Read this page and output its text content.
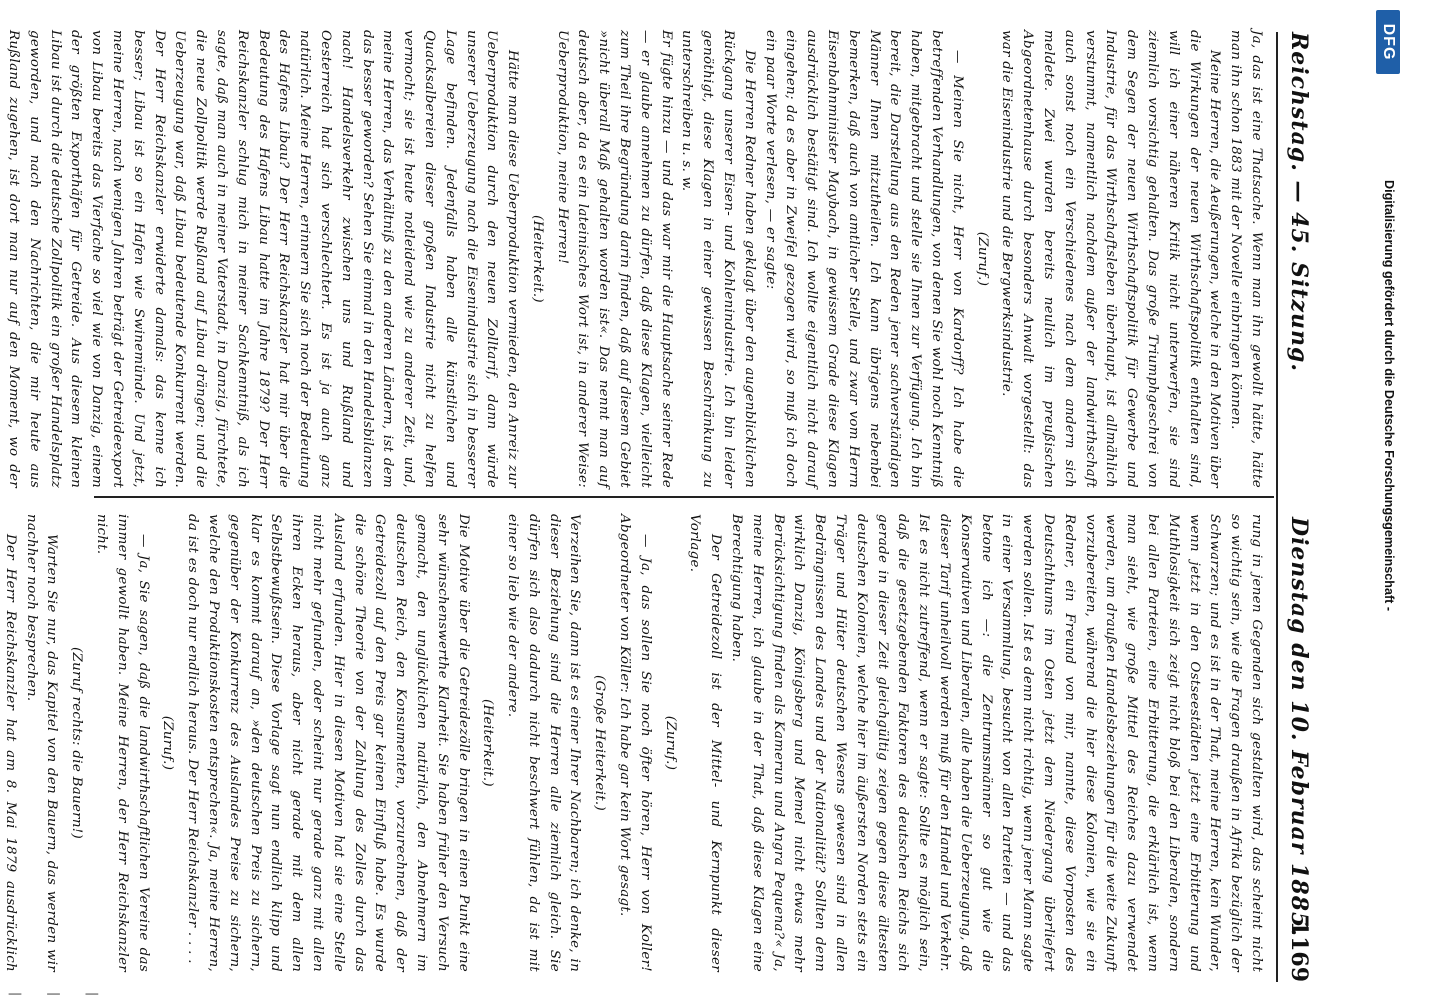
Reichstag. — 45. Sitzung.
Dienstag den 10. Februar 1885.
1169

Ja, das ist eine Thatsache. Wenn man ihn gewollt hätte, hätte man ihn schon 1883 mit der Novelle einbringen können.

Meine Herren, die Aeußerungen, welche in den Motiven über die Wirkungen der neuen Wirthschaftspolitik enthalten sind, will ich einer näheren Kritik nicht unterwerfen, sie sind ziemlich vorsichtig gehalten. Das große Triumphgeschrei von dem Segen der neuen Wirthschaftspolitik für Gewerbe und Industrie, für das Wirthschaftsleben überhaupt, ist allmählich verstummt, namentlich nachdem außer der landwirthschaft auch sonst noch ein Verschiedenes nach dem andern sich meldete. Zwei wurden bereits neulich im preußischen Abgeordnetenhause durch besonders Anwalt vorgestellt: das war die Eisenindustrie und die Bergwerksindustrie.

(Zuruf.)

— Meinen Sie nicht, Herr von Kardorff? Ich habe die betreffenden Verhandlungen, von denen Sie wohl noch Kenntniß haben, mitgebracht und stelle sie Ihnen zur Verfügung. Ich bin bereit, die Darstellung aus den Reden jener sachverständigen Männer Ihnen mitzutheilen. Ich kann übrigens nebenbei bemerken, daß auch von amtlicher Stelle, und zwar vom Herrn Eisenbahnminister Maybach, in gewissem Grade diese Klagen ausdrücklich bestätigt sind. Ich wollte eigentlich nicht darauf eingehen; da es aber in Zweifel gezogen wird, so muß ich doch ein paar Worte verlesen, — er sagte:

Die Herren Redner haben geklagt über den augenblicklichen Rückgang unserer Eisen- und Kohlenindustrie. Ich bin leider genöthigt, diese Klagen in einer gewissen Beschränkung zu unterschreiben u. s. w.

Er fügte hinzu — und das war mir die Hauptsache seiner Rede — er glaube annehmen zu dürfen, daß diese Klagen, vielleicht zum Theil ihre Begründung darin finden, daß auf diesem Gebiet »nicht überall Maß gehalten worden ist«. Das nennt man auf deutsch aber, da es ein lateinisches Wort ist, in anderer Weise: Ueberproduktion, meine Herren!

(Heiterkeit.)

Hätte man diese Ueberproduktion vermieden, den Anreiz zur Ueberproduktion durch den neuen Zolltarif, dann würde unserer Ueberzeugung nach die Eisenindustrie sich in besserer Lage befinden. Jedenfalls haben alle künstlichen und Quacksalbereien dieser großen Industrie nicht zu helfen vermocht; sie ist heute notleidend wie zu anderer Zeit, und, meine Herren, das Verhältniß zu den anderen Ländern, ist dem das besser geworden? Sehen Sie einmal in den Handelsbilanzen nach! Handelsverkehr zwischen uns und Rußland und Oesterreich hat sich verschlechtert. Es ist ja auch ganz natürlich. Meine Herren, erinnern Sie sich noch der Bedeutung des Hafens Libau? Der Herr Reichskanzler hat mir über die Bedeutung des Hafens Libau hatte im Jahre 1879? Der Herr Reichskanzler schlug mich in meiner Sachkenntniß, als ich sagte, daß man auch in meiner Vaterstadt, in Danzig, fürchtete, die neue Zollpolitik werde Rußland auf Libau drängen; und die Ueberzeugung war, daß Libau bedeutende Konkurrent werden. Der Herr Reichskanzler erwiderte damals: das kenne ich besser; Libau ist so ein Hafen wie Swinemünde. Und jetzt, meine Herren, nach wenigen Jahren beträgt der Getreideexport von Libau bereits das Vierfache so viel wie von Danzig, einem der größten Exporthäfen für Getreide. Aus diesem kleinen Libau ist durch die deutsche Zollpolitik ein großer Handelsplatz geworden, und nach den Nachrichten, die mir heute aus Rußland zugehen, ist dort man nur auf den Moment, wo der

rung in jenen Gegenden sich gestalten wird, das scheint nicht so wichtig sein, wie die Fragen draußen in Afrika bezüglich der Schwarzen; und es ist in der That, meine Herren, kein Wunder, wenn jetzt in den Ostseestädten jetzt eine Erbitterung und Muthlosigkeit sich zeigt nicht bloß bei den Liberalen, sondern bei allen Parteien, eine Erbitterung, die erklärlich ist, wenn man sieht, wie große Mittel des Reiches dazu verwendet werden, um draußen Handelsbeziehungen für die weite Zukunft vorzubereiten, während die hier diese Kolonien, wie sie ein Redner, ein Freund von mir, nannte, diese Vorposten des Deutschthums im Osten jetzt dem Niedergang überliefert werden sollen. Ist es denn nicht richtig, wenn jener Mann sagte in einer Versammlung, besucht von allen Parteien — und das betone ich —: die Zentrumsmänner so gut wie die Konservativen und Liberalen, alle haben die Ueberzeugung, daß dieser Tarif unheilvoll werden muß für den Handel und Verkehr. Ist es nicht zutreffend, wenn er sagte: Sollte es möglich sein, daß die gesetzgebenden Faktoren des deutschen Reichs sich gerade in dieser Zeit gleichgültig zeigen gegen diese ältesten deutschen Kolonien, welche hier im äußersten Norden stets ein Träger und Hüter deutschen Wesens gewesen sind in allen Bedrängnissen des Landes und der Nationalität? Sollten denn wirklich Danzig, Königsberg und Memel nicht etwas mehr Berücksichtigung finden als Kamerun und Angra Pequena?« Ja, meine Herren, ich glaube in der That, daß diese Klagen eine Berechtigung haben.

Der Getreidezoll ist der Mittel- und Kernpunkt dieser Vorlage.

(Zuruf.)

— Ja, das sollen Sie noch öfter hören, Herr von Koller! Abgeordneter von Köller: Ich habe gar kein Wort gesagt.

(Große Heiterkeit.)

Verzeihen Sie, dann ist es einer Ihrer Nachbaren; ich denke, in dieser Beziehung sind die Herren alle ziemlich gleich. Sie dürfen sich also dadurch nicht beschwert fühlen, da ist mit einer so lieb wie der andere.

(Heiterkeit.)

Die Motive über die Getreidezölle bringen in einen Punkt eine sehr wünschenswerthe Klarheit. Sie haben früher den Versuch gemacht, den unglücklichen natürlich, den Abnehmern im deutschen Reich, den Konsumenten, vorzurechnen, daß der Getreidezoll auf den Preis gar keinen Einfluß habe. Es wurde die schöne Theorie von der Zahlung des Zolles durch das Ausland erfunden. Hier in diesen Motiven hat sie eine Stelle nicht mehr gefunden, oder scheint nur gerade ganz mit allen ihren Ecken heraus, aber nicht gerade mit dem allen Selbstbewußtsein. Diese Vorlage sagt nun endlich klipp und klar es kommt darauf an, »den deutschen Preis zu sichern, gegenüber der Konkurrenz des Auslandes Preise zu sichern, welche den Produktionskosten entsprechen«. Ja, meine Herren, da ist es doch nur endlich heraus. Der Herr Reichskanzler . . . .

(Zuruf.)

— Ja, Sie sagen, daß die landwirthschaftlichen Vereine das immer gewollt haben. Meine Herren, der Herr Reichskanzler nicht.

(Zuruf rechts: die Bauern!)

Warten Sie nur, das Kapitel von den Bauern, das werden wir nachher noch besprechen.

Der Herr Reichskanzler hat am 8. Mai 1879 ausdrücklich

DFG
Digitalisierung gefördert durch die Deutsche Forschungsgemeinschaft -
— — —
